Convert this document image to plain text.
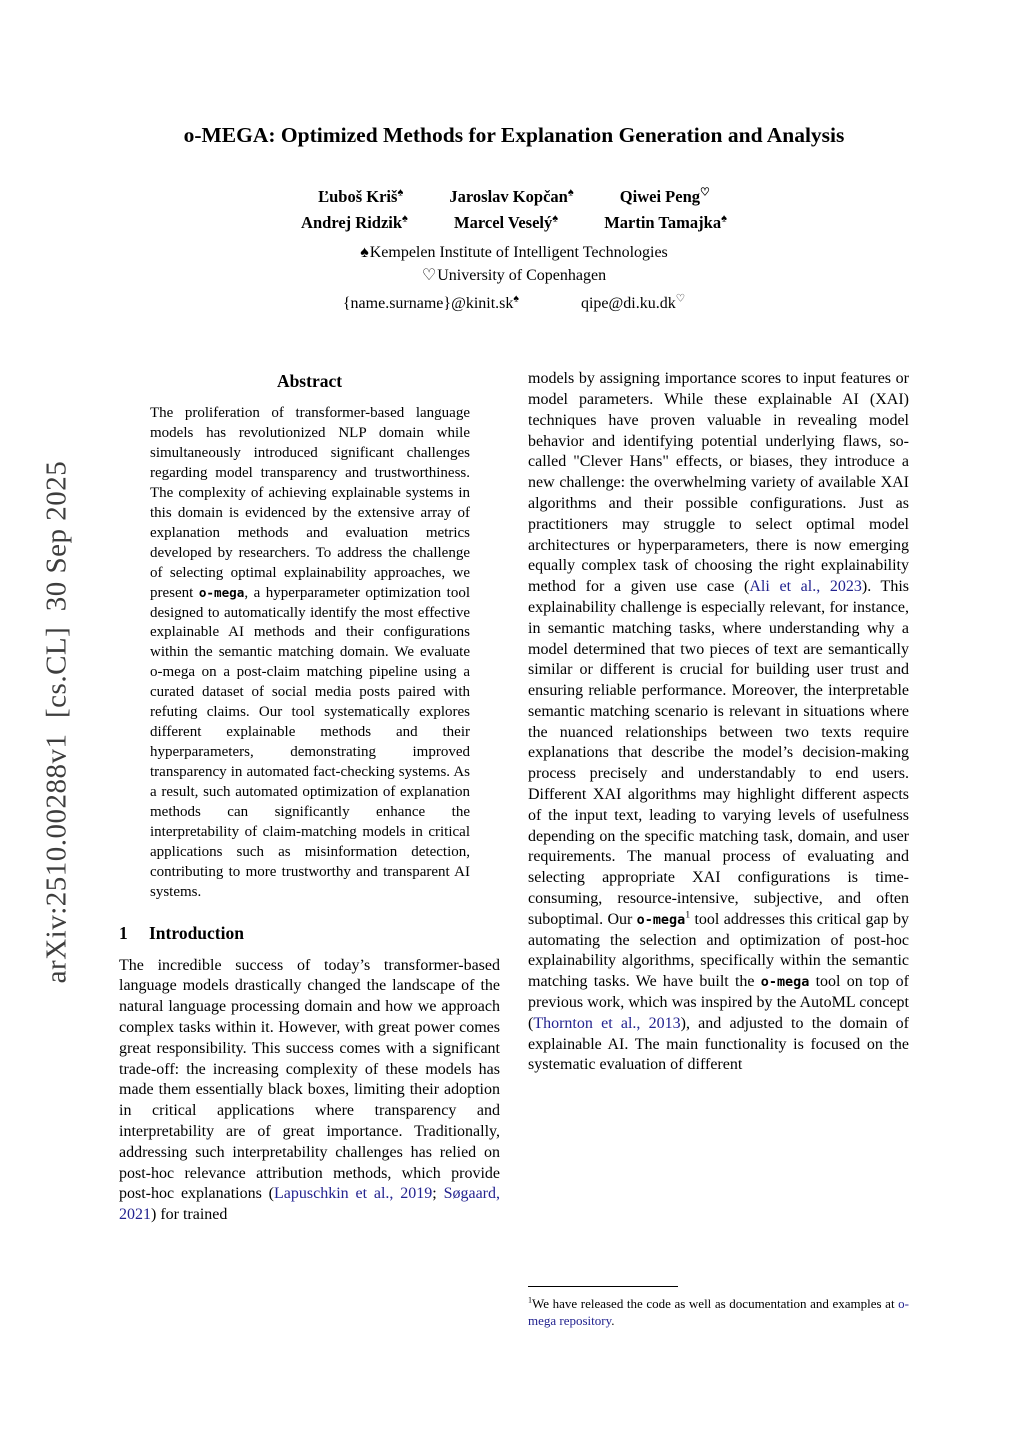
arXiv:2510.00288v1  [cs.CL]  30 Sep 2025
o-MEGA: Optimized Methods for Explanation Generation and Analysis
Ľuboš Kriš♠	Jaroslav Kopčan♠	Qiwei Peng♡
Andrej Ridzik♠	Marcel Veselý♠	Martin Tamajka♠
♠Kempelen Institute of Intelligent Technologies
♡University of Copenhagen
{name.surname}@kinit.sk♠	qipe@di.ku.dk♡
Abstract
The proliferation of transformer-based language models has revolutionized NLP domain while simultaneously introduced significant challenges regarding model transparency and trustworthiness. The complexity of achieving explainable systems in this domain is evidenced by the extensive array of explanation methods and evaluation metrics developed by researchers. To address the challenge of selecting optimal explainability approaches, we present o-mega, a hyperparameter optimization tool designed to automatically identify the most effective explainable AI methods and their configurations within the semantic matching domain. We evaluate o-mega on a post-claim matching pipeline using a curated dataset of social media posts paired with refuting claims. Our tool systematically explores different explainable methods and their hyperparameters, demonstrating improved transparency in automated fact-checking systems. As a result, such automated optimization of explanation methods can significantly enhance the interpretability of claim-matching models in critical applications such as misinformation detection, contributing to more trustworthy and transparent AI systems.
1 Introduction
The incredible success of today’s transformer-based language models drastically changed the landscape of the natural language processing domain and how we approach complex tasks within it. However, with great power comes great responsibility. This success comes with a significant trade-off: the increasing complexity of these models has made them essentially black boxes, limiting their adoption in critical applications where transparency and interpretability are of great importance. Traditionally, addressing such interpretability challenges has relied on post-hoc relevance attribution methods, which provide post-hoc explanations (Lapuschkin et al., 2019; Søgaard, 2021) for trained
models by assigning importance scores to input features or model parameters. While these explainable AI (XAI) techniques have proven valuable in revealing model behavior and identifying potential underlying flaws, so-called "Clever Hans" effects, or biases, they introduce a new challenge: the overwhelming variety of available XAI algorithms and their possible configurations. Just as practitioners may struggle to select optimal model architectures or hyperparameters, there is now emerging equally complex task of choosing the right explainability method for a given use case (Ali et al., 2023). This explainability challenge is especially relevant, for instance, in semantic matching tasks, where understanding why a model determined that two pieces of text are semantically similar or different is crucial for building user trust and ensuring reliable performance. Moreover, the interpretable semantic matching scenario is relevant in situations where the nuanced relationships between two texts require explanations that describe the model’s decision-making process precisely and understandably to end users. Different XAI algorithms may highlight different aspects of the input text, leading to varying levels of usefulness depending on the specific matching task, domain, and user requirements. The manual process of evaluating and selecting appropriate XAI configurations is time-consuming, resource-intensive, subjective, and often suboptimal. Our o-mega$^1$ tool addresses this critical gap by automating the selection and optimization of post-hoc explainability algorithms, specifically within the semantic matching tasks. We have built the o-mega tool on top of previous work, which was inspired by the AutoML concept (Thornton et al., 2013), and adjusted to the domain of explainable AI. The main functionality is focused on the systematic evaluation of different
$^1$We have released the code as well as documentation and examples at o-mega repository.
